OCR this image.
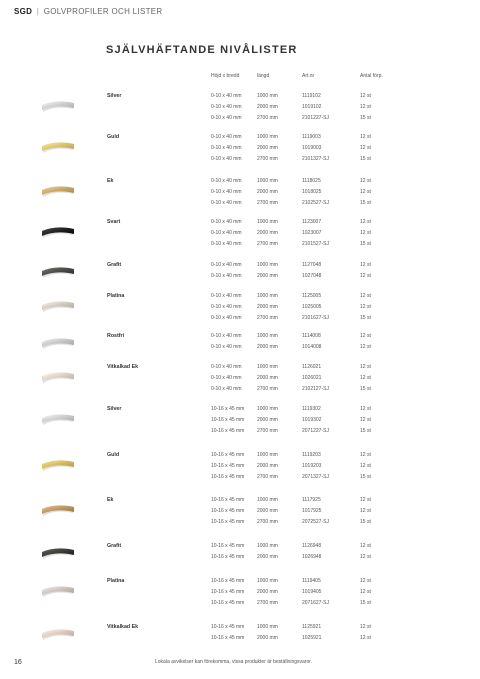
SGD | GOLVPROFILER OCH LISTER
SJÄLVHÄFTANDE NIVÅLISTER
Höjd x bredd	längd	Art.nr	Antal förp.
Silver	0-10 x 40 mm	1000 mm	1119102	12 st
0-10 x 40 mm	2000 mm	1019102	12 st
0-10 x 40 mm	2700 mm	2101227-SJ	15 st
Guld	0-10 x 40 mm	1000 mm	1119003	12 st
0-10 x 40 mm	2000 mm	1019003	12 st
0-10 x 40 mm	2700 mm	2101327-SJ	15 st
Ek	0-10 x 40 mm	1000 mm	1118025	12 st
0-10 x 40 mm	2000 mm	1018025	12 st
0-10 x 40 mm	2700 mm	2102527-SJ	15 st
Svart	0-10 x 40 mm	1000 mm	1123007	12 st
0-10 x 40 mm	2000 mm	1023007	12 st
0-10 x 40 mm	2700 mm	2101527-SJ	15 st
Grafit	0-10 x 40 mm	1000 mm	1127048	12 st
0-10 x 40 mm	2000 mm	1027048	12 st
Platina	0-10 x 40 mm	1000 mm	1125005	12 st
0-10 x 40 mm	2000 mm	1025005	12 st
0-10 x 40 mm	2700 mm	2101627-SJ	15 st
Rostfri	0-10 x 40 mm	1000 mm	1114008	12 st
0-10 x 40 mm	2000 mm	1014008	12 st
Vitkalkad Ek	0-10 x 40 mm	1000 mm	1126021	12 st
0-10 x 40 mm	2000 mm	1026021	12 st
0-10 x 40 mm	2700 mm	2102127-SJ	15 st
Silver	10-16 x 45 mm	1000 mm	1119302	12 st
10-16 x 45 mm	2000 mm	1019302	12 st
10-16 x 45 mm	2700 mm	2071227-SJ	15 st
Guld	10-16 x 45 mm	1000 mm	1119203	12 st
10-16 x 45 mm	2000 mm	1019203	12 st
10-16 x 45 mm	2700 mm	2071327-SJ	15 st
Ek	10-16 x 45 mm	1000 mm	1117925	12 st
10-16 x 45 mm	2000 mm	1017925	12 st
10-16 x 45 mm	2700 mm	2072527-SJ	15 st
Grafit	10-16 x 45 mm	1000 mm	1126948	12 st
10-16 x 45 mm	2000 mm	1026948	12 st
Platina	10-16 x 45 mm	1000 mm	1119405	12 st
10-16 x 45 mm	2000 mm	1019405	12 st
10-16 x 45 mm	2700 mm	2071627-SJ	15 st
Vitkalkad Ek	10-16 x 45 mm	1000 mm	1125921	12 st
10-16 x 45 mm	2000 mm	1025921	12 st
16	Lokala avvikelser kan förekomma, vissa produkter är beställningsvaror.
